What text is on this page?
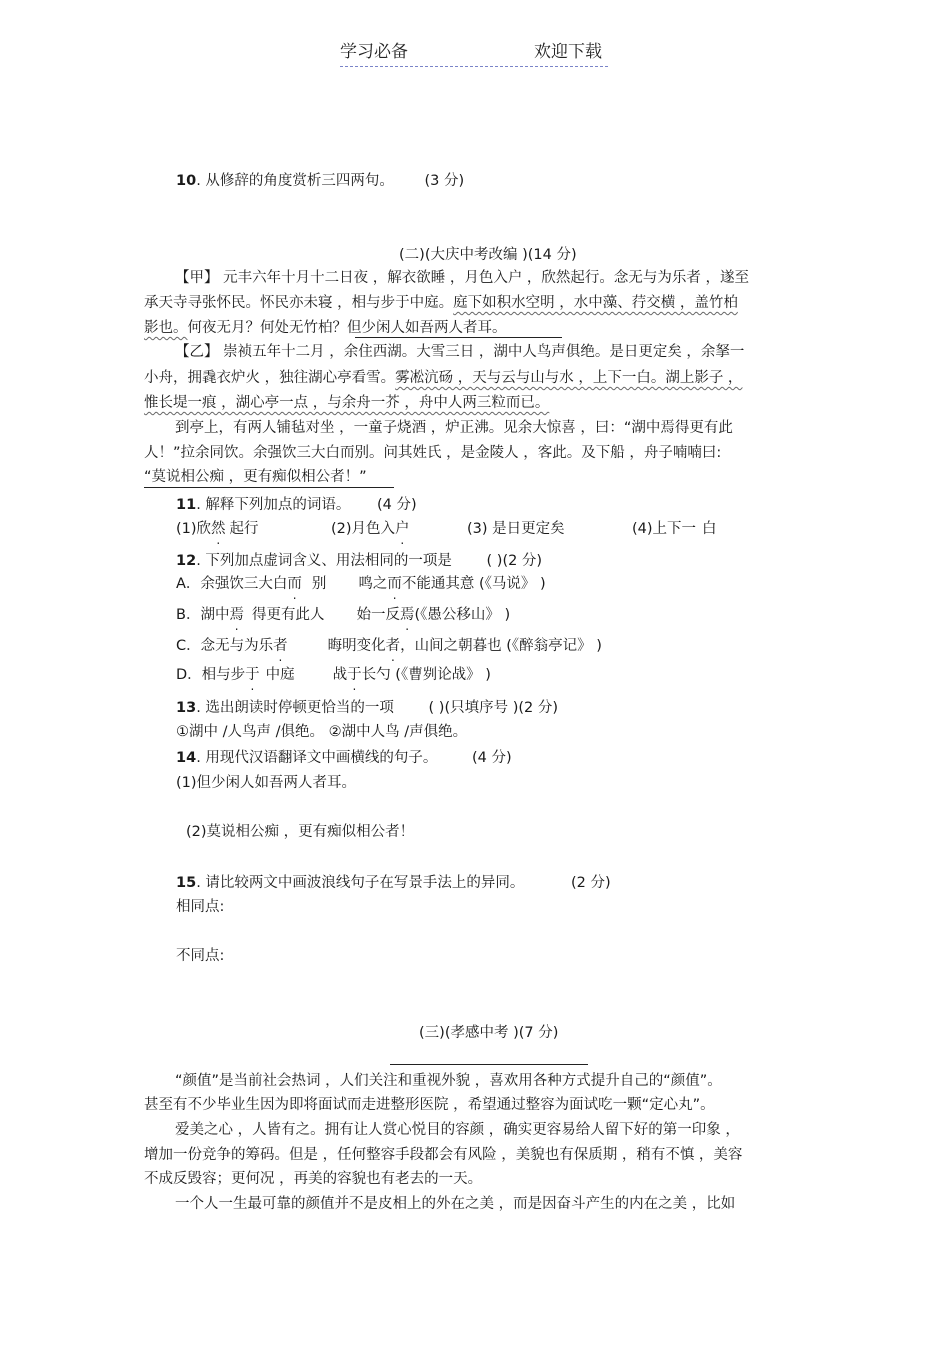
学习必备	欢迎下载
10. 从修辞的角度赏析三四两句。 (3 分)
(二)(大庆中考改编 )(14 分)
【甲】 元丰六年十月十二日夜 ，解衣欲睡 ，月色入户 ，欣然起行。念无与为乐者 ，遂至
承天寺寻张怀民。怀民亦未寝 ，相与步于中庭。庭下如积水空明 ，水中藻、荇交横 ，盖竹柏
影也。何夜无月？何处无竹柏？但少闲人如吾两人者耳。
【乙】 崇祯五年十二月 ，余住西湖。大雪三日 ，湖中人鸟声俱绝。是日更定矣 ，余拏一
小舟，拥毳衣炉火 ，独往湖心亭看雪。雾凇沆砀 ，天与云与山与水 ，上下一白。湖上影子 ，
惟长堤一痕 ，湖心亭一点 ，与余舟一芥 ，舟中人两三粒而已。
到亭上，有两人铺毡对坐 ，一童子烧酒 ，炉正沸。见余大惊喜 ，曰：“湖中焉得更有此
人！”拉余同饮。余强饮三大白而别。问其姓氏 ，是金陵人 ，客此。及下船 ，舟子喃喃曰:
“莫说相公痴 ，更有痴似相公者！”
11. 解释下列加点的词语。 (4 分)
(1)欣然 起行	(2)月色入户	(3) 是日更定矣	(4)上下一 白
12. 下列加点虚词含义、用法相同的一项是 ( )(2 分)
A．余强饮三大白而 别 鸣之而不能通其意 (《马说》 )
B．湖中焉 得更有此人 始一反焉(《愚公移山》 )
C．念无与为乐者	晦明变化者，山间之朝暮也 (《醉翁亭记》 )
D．相与步于 中庭	战于长勺 (《曹刿论战》 )
13. 选出朗读时停顿更恰当的一项 ( )(只填序号 )(2 分)
①湖中 /人鸟声 /俱绝。 ②湖中人鸟 /声俱绝。
14. 用现代汉语翻译文中画横线的句子。 (4 分)
(1)但少闲人如吾两人者耳。
(2)莫说相公痴 ，更有痴似相公者！
15. 请比较两文中画波浪线句子在写景手法上的异同。	(2 分)
相同点:
不同点:
(三)(孝感中考 )(7 分)
“颜值”是当前社会热词 ，人们关注和重视外貌 ，喜欢用各种方式提升自己的“颜值”。
甚至有不少毕业生因为即将面试而走进整形医院 ，希望通过整容为面试吃一颗“定心丸”。
爱美之心 ，人皆有之。拥有让人赏心悦目的容颜 ，确实更容易给人留下好的第一印象 ，
增加一份竞争的筹码。但是 ，任何整容手段都会有风险 ，美貌也有保质期 ，稍有不慎 ，美容
不成反毁容；更何况 ，再美的容貌也有老去的一天。
一个人一生最可靠的颜值并不是皮相上的外在之美 ，而是因奋斗产生的内在之美 ，比如
